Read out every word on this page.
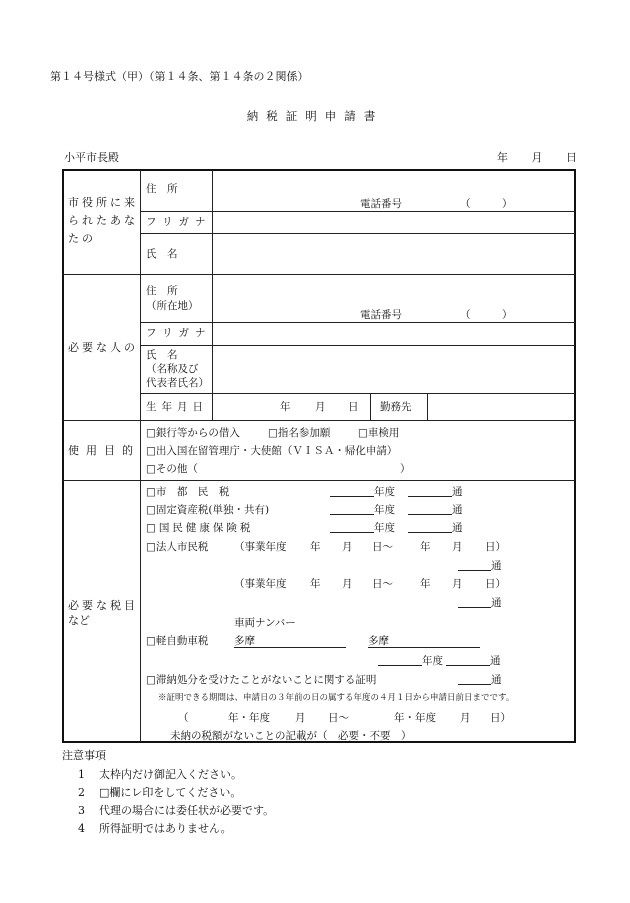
第１４号様式（甲）（第１４条、第１４条の２関係）
納税証明申請書
小平市長殿	年 月 日
市役所に来られたあなたの
住　所
電話番号	（　　　）
フリガナ
氏　名
必要な人の
住　所
（所在地）
電話番号	（　　　）
フリガナ
氏　名
（名称及び
代表者氏名）
生年月日	年 月 日 勤務先
使用目的
□銀行等からの借入	□指名参加願	□車検用
□出入国在留管理庁・大使館（ＶＩＳＡ・帰化申請）
□その他（	）
必要な税目
など
□市　都　民　税	年度	通
□固定資産税(単独・共有)	年度	通
□国民健康保険税	年度	通
□法人市民税 （事業年度 年 月 日〜	年 月 日）
通
（事業年度 年 月 日〜	年 月 日）
通
車両ナンバー
□軽自動車税 多摩	多摩
年度	通
□滞納処分を受けたことがないことに関する証明	通
※証明できる期間は、申請日の３年前の日の属する年度の４月１日から申請日前日までです。
（	年・年度 月 日〜	年・年度 月 日）
未納の税額がないことの記載が（　必要・不要　）
注意事項
1 太枠内だけ御記入ください。
2 □欄にレ印をしてください。
3 代理の場合には委任状が必要です。
4 所得証明ではありません。
